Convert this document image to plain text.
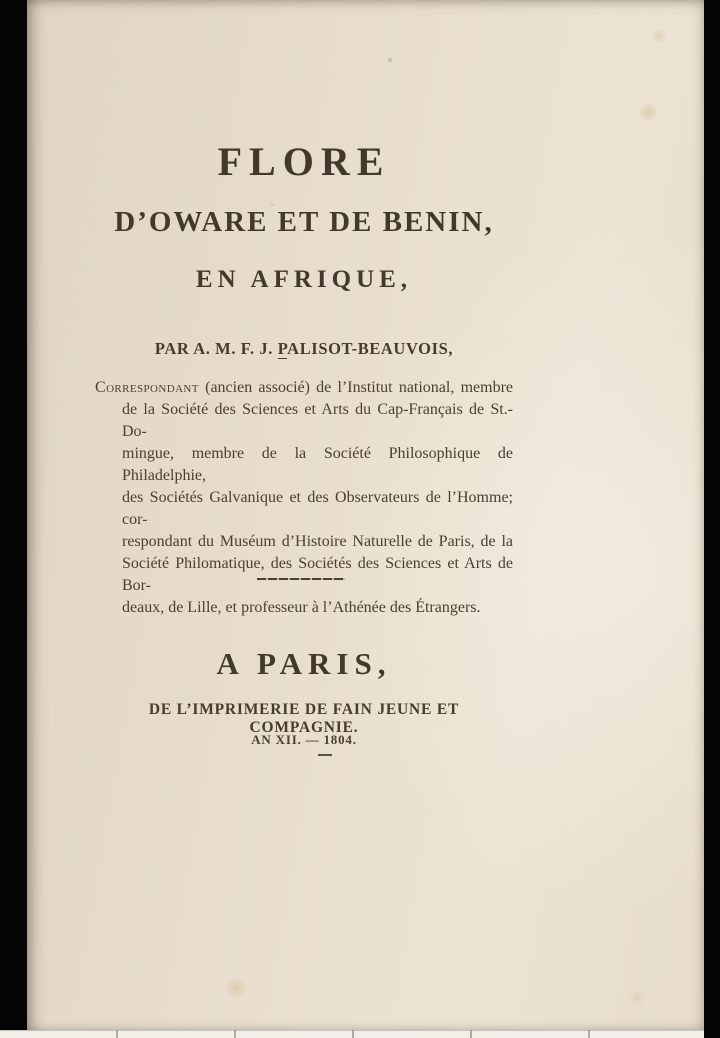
FLORE
D’OWARE ET DE BENIN,
EN AFRIQUE,
PAR A. M. F. J. PALISOT-BEAUVOIS,
Correspondant (ancien associé) de l’Institut national, membre
de la Société des Sciences et Arts du Cap-Français de St.-Do-
mingue, membre de la Société Philosophique de Philadelphie,
des Sociétés Galvanique et des Observateurs de l’Homme; cor-
respondant du Muséum d’Histoire Naturelle de Paris, de la
Société Philomatique, des Sociétés des Sciences et Arts de Bor-
deaux, de Lille, et professeur à l’Athénée des Étrangers.
A PARIS,
DE L’IMPRIMERIE DE FAIN JEUNE ET COMPAGNIE.
AN XII. — 1804.
